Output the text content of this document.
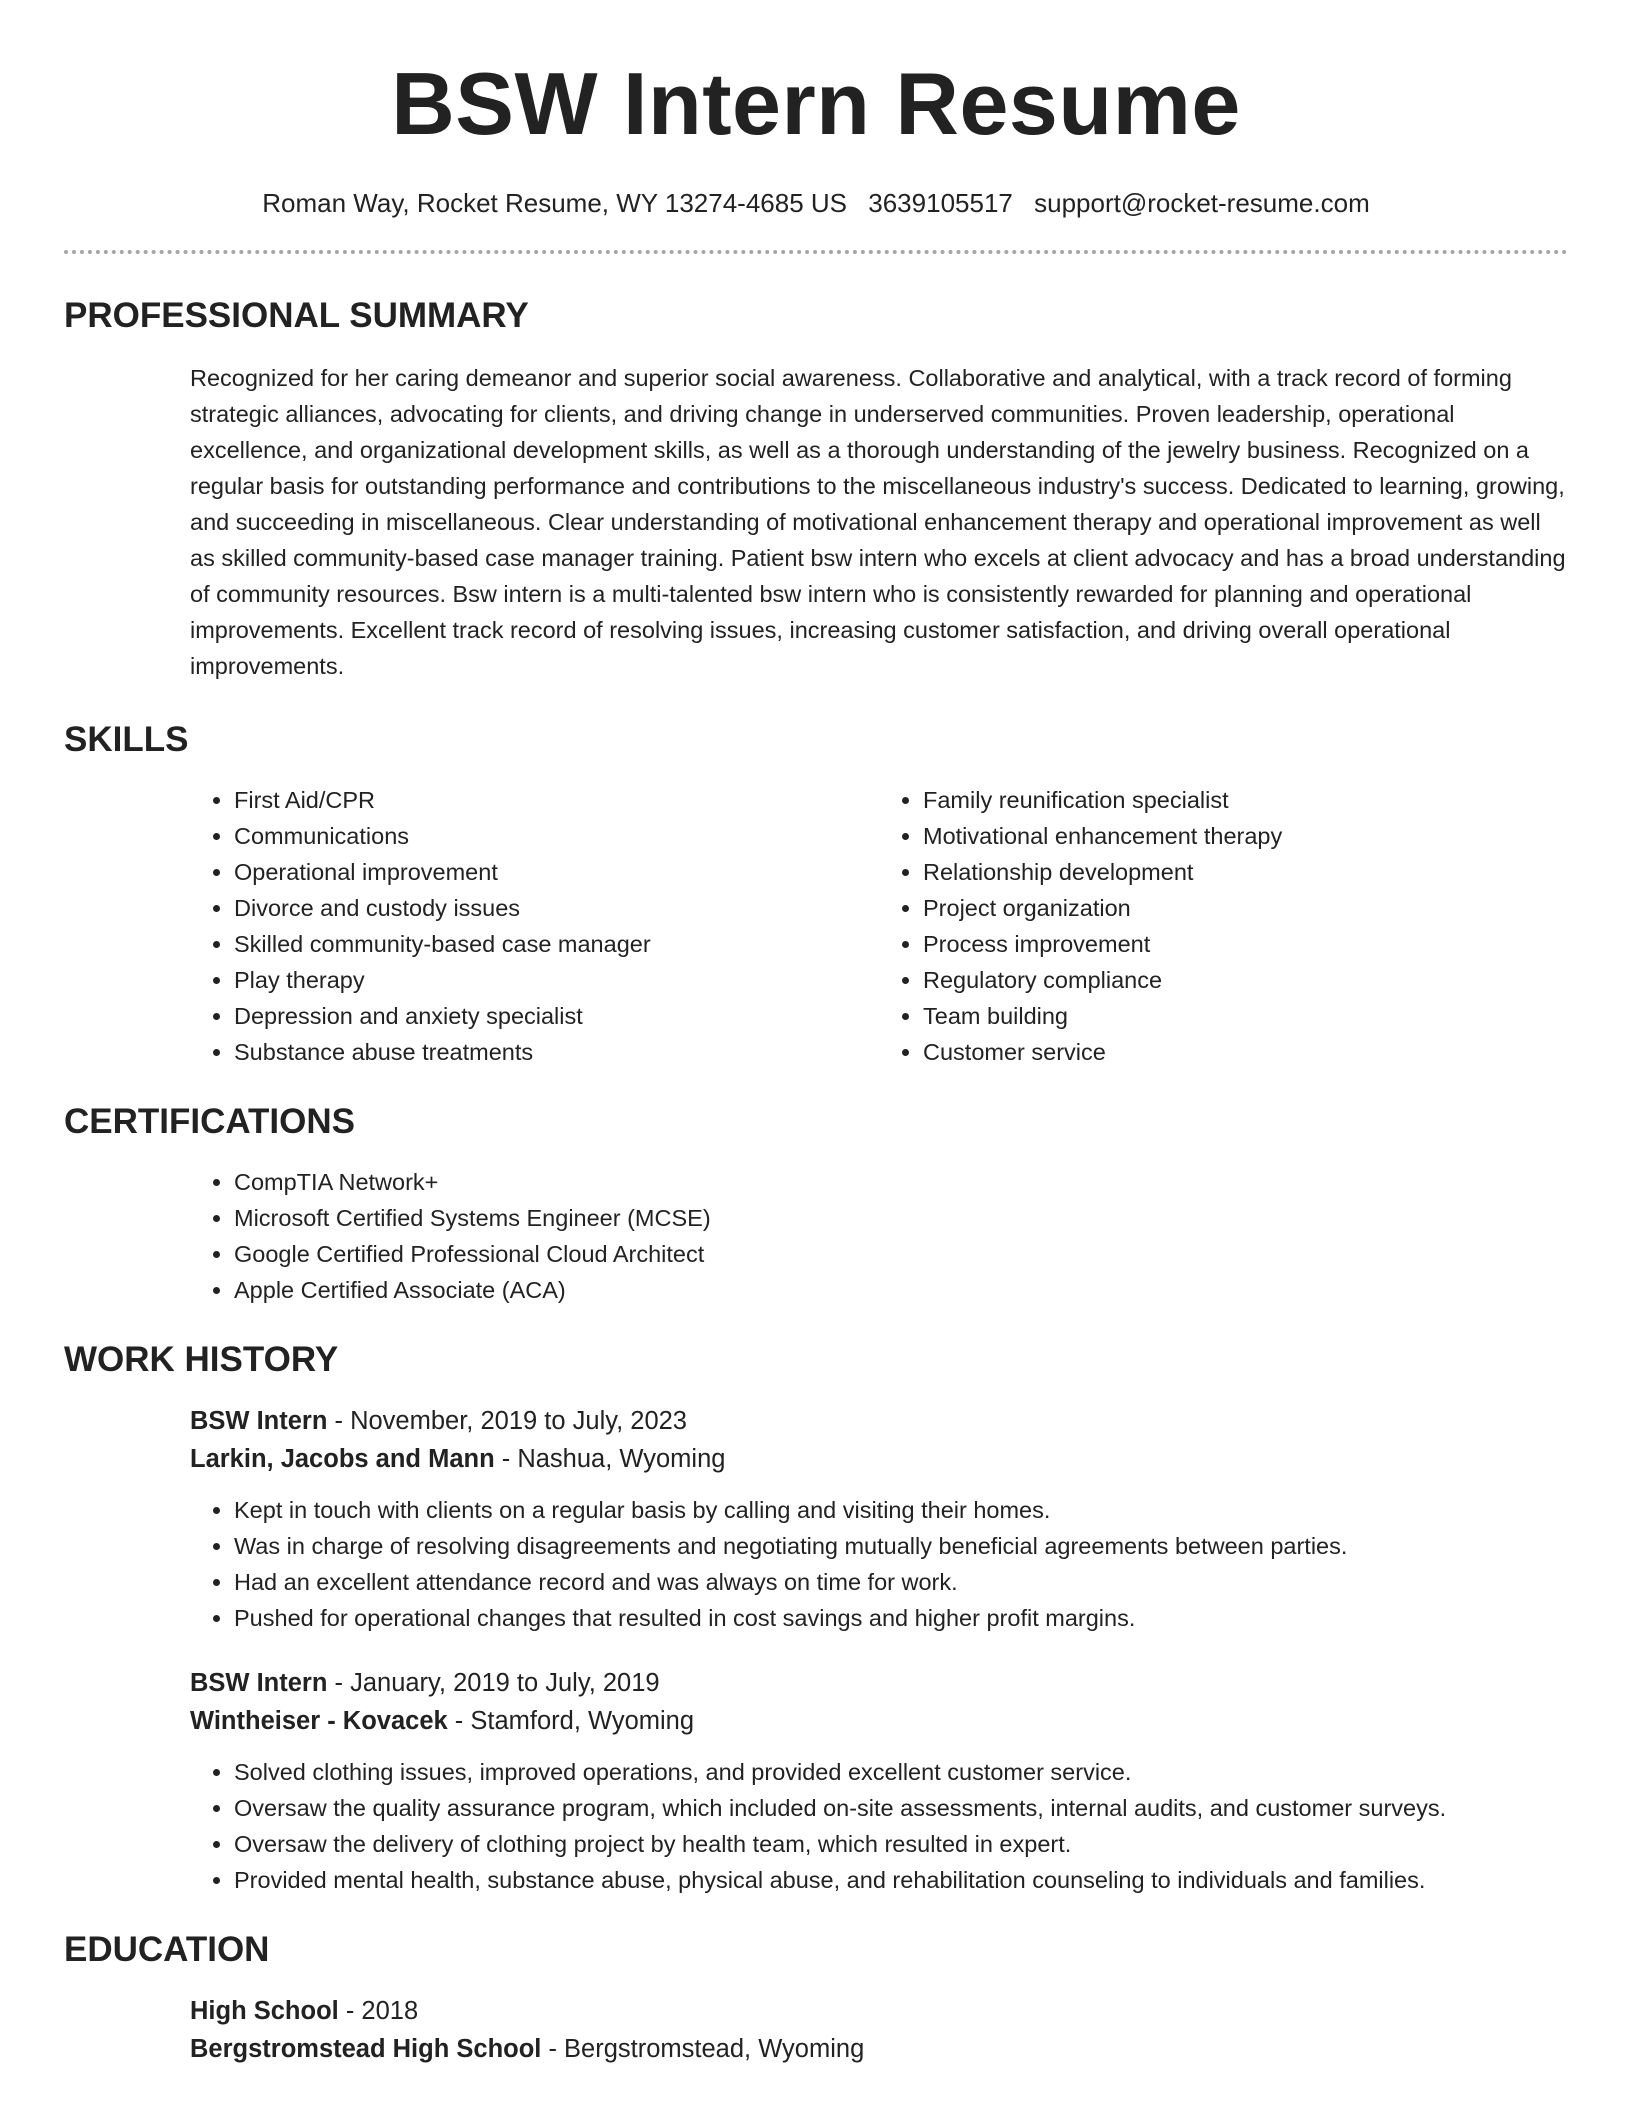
BSW Intern Resume
Roman Way, Rocket Resume, WY 13274-4685 US 3639105517 support@rocket-resume.com
PROFESSIONAL SUMMARY
Recognized for her caring demeanor and superior social awareness. Collaborative and analytical, with a track record of forming strategic alliances, advocating for clients, and driving change in underserved communities. Proven leadership, operational excellence, and organizational development skills, as well as a thorough understanding of the jewelry business. Recognized on a regular basis for outstanding performance and contributions to the miscellaneous industry's success. Dedicated to learning, growing, and succeeding in miscellaneous. Clear understanding of motivational enhancement therapy and operational improvement as well as skilled community-based case manager training. Patient bsw intern who excels at client advocacy and has a broad understanding of community resources. Bsw intern is a multi-talented bsw intern who is consistently rewarded for planning and operational improvements. Excellent track record of resolving issues, increasing customer satisfaction, and driving overall operational improvements.
SKILLS
• First Aid/CPR
• Communications
• Operational improvement
• Divorce and custody issues
• Skilled community-based case manager
• Play therapy
• Depression and anxiety specialist
• Substance abuse treatments
• Family reunification specialist
• Motivational enhancement therapy
• Relationship development
• Project organization
• Process improvement
• Regulatory compliance
• Team building
• Customer service
CERTIFICATIONS
• CompTIA Network+
• Microsoft Certified Systems Engineer (MCSE)
• Google Certified Professional Cloud Architect
• Apple Certified Associate (ACA)
WORK HISTORY
BSW Intern - November, 2019 to July, 2023
Larkin, Jacobs and Mann - Nashua, Wyoming
• Kept in touch with clients on a regular basis by calling and visiting their homes.
• Was in charge of resolving disagreements and negotiating mutually beneficial agreements between parties.
• Had an excellent attendance record and was always on time for work.
• Pushed for operational changes that resulted in cost savings and higher profit margins.
BSW Intern - January, 2019 to July, 2019
Wintheiser - Kovacek - Stamford, Wyoming
• Solved clothing issues, improved operations, and provided excellent customer service.
• Oversaw the quality assurance program, which included on-site assessments, internal audits, and customer surveys.
• Oversaw the delivery of clothing project by health team, which resulted in expert.
• Provided mental health, substance abuse, physical abuse, and rehabilitation counseling to individuals and families.
EDUCATION
High School - 2018
Bergstromstead High School - Bergstromstead, Wyoming
